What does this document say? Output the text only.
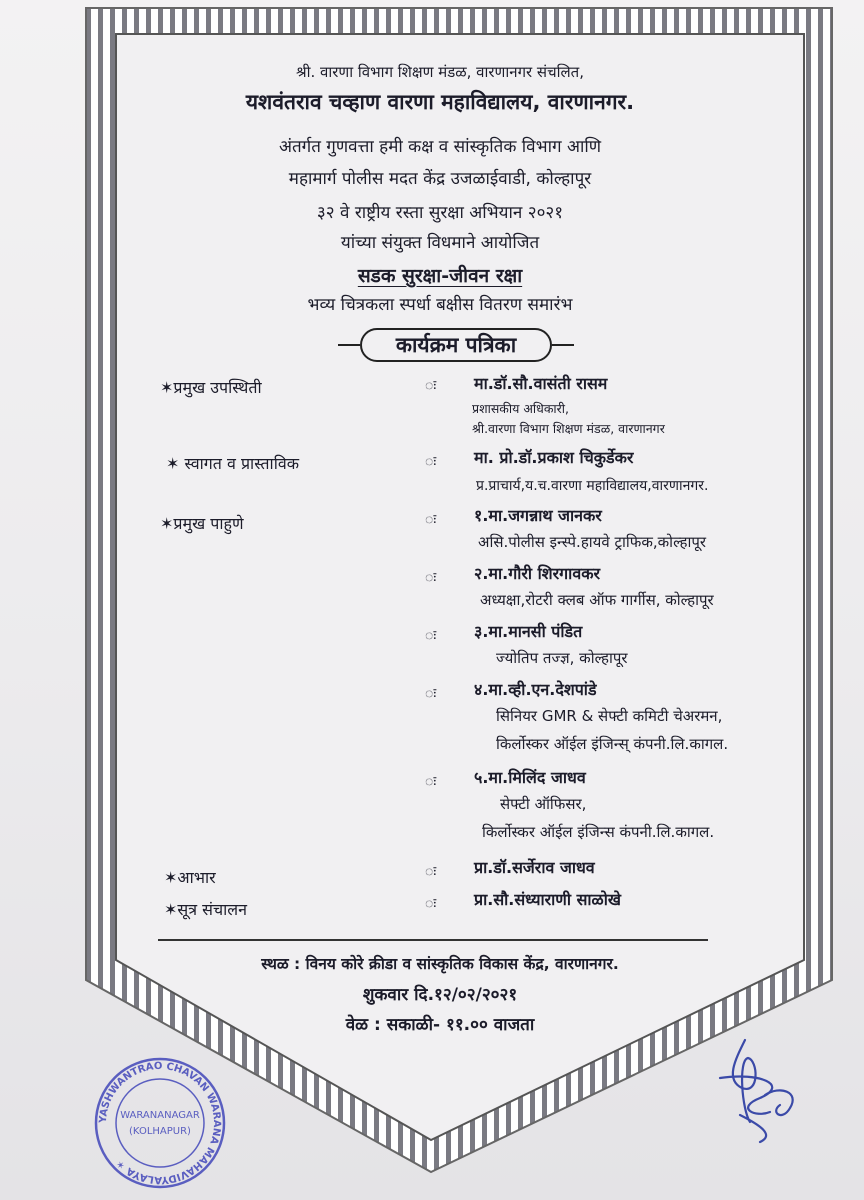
श्री. वारणा विभाग शिक्षण मंडळ, वारणानगर संचलित,
यशवंतराव चव्हाण वारणा महाविद्यालय, वारणानगर.
अंतर्गत गुणवत्ता हमी कक्ष व सांस्कृतिक विभाग आणि
महामार्ग पोलीस मदत केंद्र उजळाईवाडी, कोल्हापूर
३२ वे राष्ट्रीय रस्ता सुरक्षा अभियान २०२१
यांच्या संयुक्त विधमाने आयोजित
सडक सुरक्षा-जीवन रक्षा
भव्य चित्रकला स्पर्धा बक्षीस वितरण समारंभ
कार्यक्रम पत्रिका
✶प्रमुख उपस्थिती	ः मा.डॉ.सौ.वासंती रासम
प्रशासकीय अधिकारी,
श्री.वारणा विभाग शिक्षण मंडळ, वारणानगर
✶ स्वागत व प्रास्ताविक	ः मा. प्रो.डॉ.प्रकाश चिकुर्डेकर
प्र.प्राचार्य,य.च.वारणा महाविद्यालय,वारणानगर.
✶प्रमुख पाहुणे	ः १.मा.जगन्नाथ जानकर
असि.पोलीस इन्स्पे.हायवे ट्राफिक,कोल्हापूर
ः २.मा.गौरी शिरगावकर
अध्यक्षा,रोटरी क्लब ऑफ गार्गीस, कोल्हापूर
ः ३.मा.मानसी पंडित
ज्योतिप तज्ज्ञ, कोल्हापूर
ः ४.मा.व्ही.एन.देशपांडे
सिनियर GMR & सेफ्टी कमिटी चेअरमन,
किर्लोस्कर ऑईल इंजिन्स् कंपनी.लि.कागल.
ः ५.मा.मिलिंद जाधव
सेफ्टी ऑफिसर,
किर्लोस्कर ऑईल इंजिन्स कंपनी.लि.कागल.
✶आभार	ः प्रा.डॉ.सर्जेराव जाधव
✶सूत्र संचालन	ः प्रा.सौ.संध्याराणी साळोखे
स्थळ : विनय कोरे क्रीडा व सांस्कृतिक विकास केंद्र, वारणानगर.
शुकवार दि.१२/०२/२०२१
वेळ : सकाळी- ११.०० वाजता
YASHWANTRAO CHAVAN WARANA MAHAVIDYALAYA ✶
WARANANAGAR
(KOLHAPUR)
